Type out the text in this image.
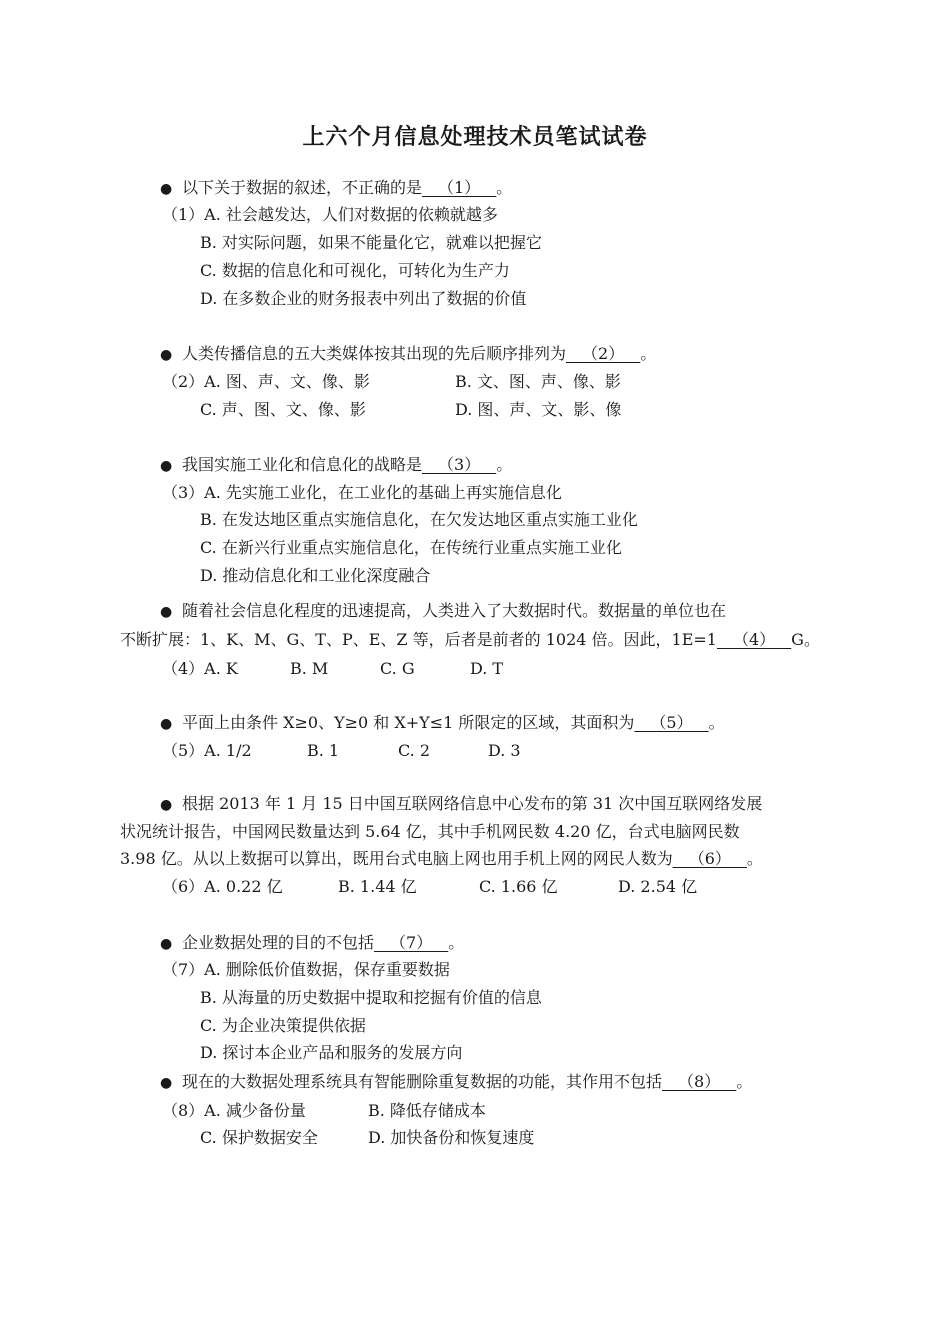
上六个月信息处理技术员笔试试卷
● 以下关于数据的叙述，不正确的是__（1）__。
（1）A. 社会越发达，人们对数据的依赖就越多
B. 对实际问题，如果不能量化它，就难以把握它
C. 数据的信息化和可视化，可转化为生产力
D. 在多数企业的财务报表中列出了数据的价值
● 人类传播信息的五大类媒体按其出现的先后顺序排列为__（2）__。
（2）A. 图、声、文、像、影	B. 文、图、声、像、影
C. 声、图、文、像、影	D. 图、声、文、影、像
● 我国实施工业化和信息化的战略是__（3）__。
（3）A. 先实施工业化，在工业化的基础上再实施信息化
B. 在发达地区重点实施信息化，在欠发达地区重点实施工业化
C. 在新兴行业重点实施信息化，在传统行业重点实施工业化
D. 推动信息化和工业化深度融合
● 随着社会信息化程度的迅速提高，人类进入了大数据时代。数据量的单位也在
不断扩展：1、K、M、G、T、P、E、Z 等，后者是前者的 1024 倍。因此，1E=1__（4）__G。
（4）A. K	B. M	C. G	D. T
● 平面上由条件 X≥0、Y≥0 和 X+Y≤1 所限定的区域，其面积为__（5）__。
（5）A. 1/2	B. 1	C. 2	D. 3
● 根据 2013 年 1 月 15 日中国互联网络信息中心发布的第 31 次中国互联网络发展
状况统计报告，中国网民数量达到 5.64 亿，其中手机网民数 4.20 亿，台式电脑网民数
3.98 亿。从以上数据可以算出，既用台式电脑上网也用手机上网的网民人数为__（6）__。
（6）A. 0.22 亿	B. 1.44 亿	C. 1.66 亿	D. 2.54 亿
● 企业数据处理的目的不包括__（7）__。
（7）A. 删除低价值数据，保存重要数据
B. 从海量的历史数据中提取和挖掘有价值的信息
C. 为企业决策提供依据
D. 探讨本企业产品和服务的发展方向
● 现在的大数据处理系统具有智能删除重复数据的功能，其作用不包括__（8）__。
（8）A. 减少备份量	B. 降低存储成本
C. 保护数据安全	D. 加快备份和恢复速度
